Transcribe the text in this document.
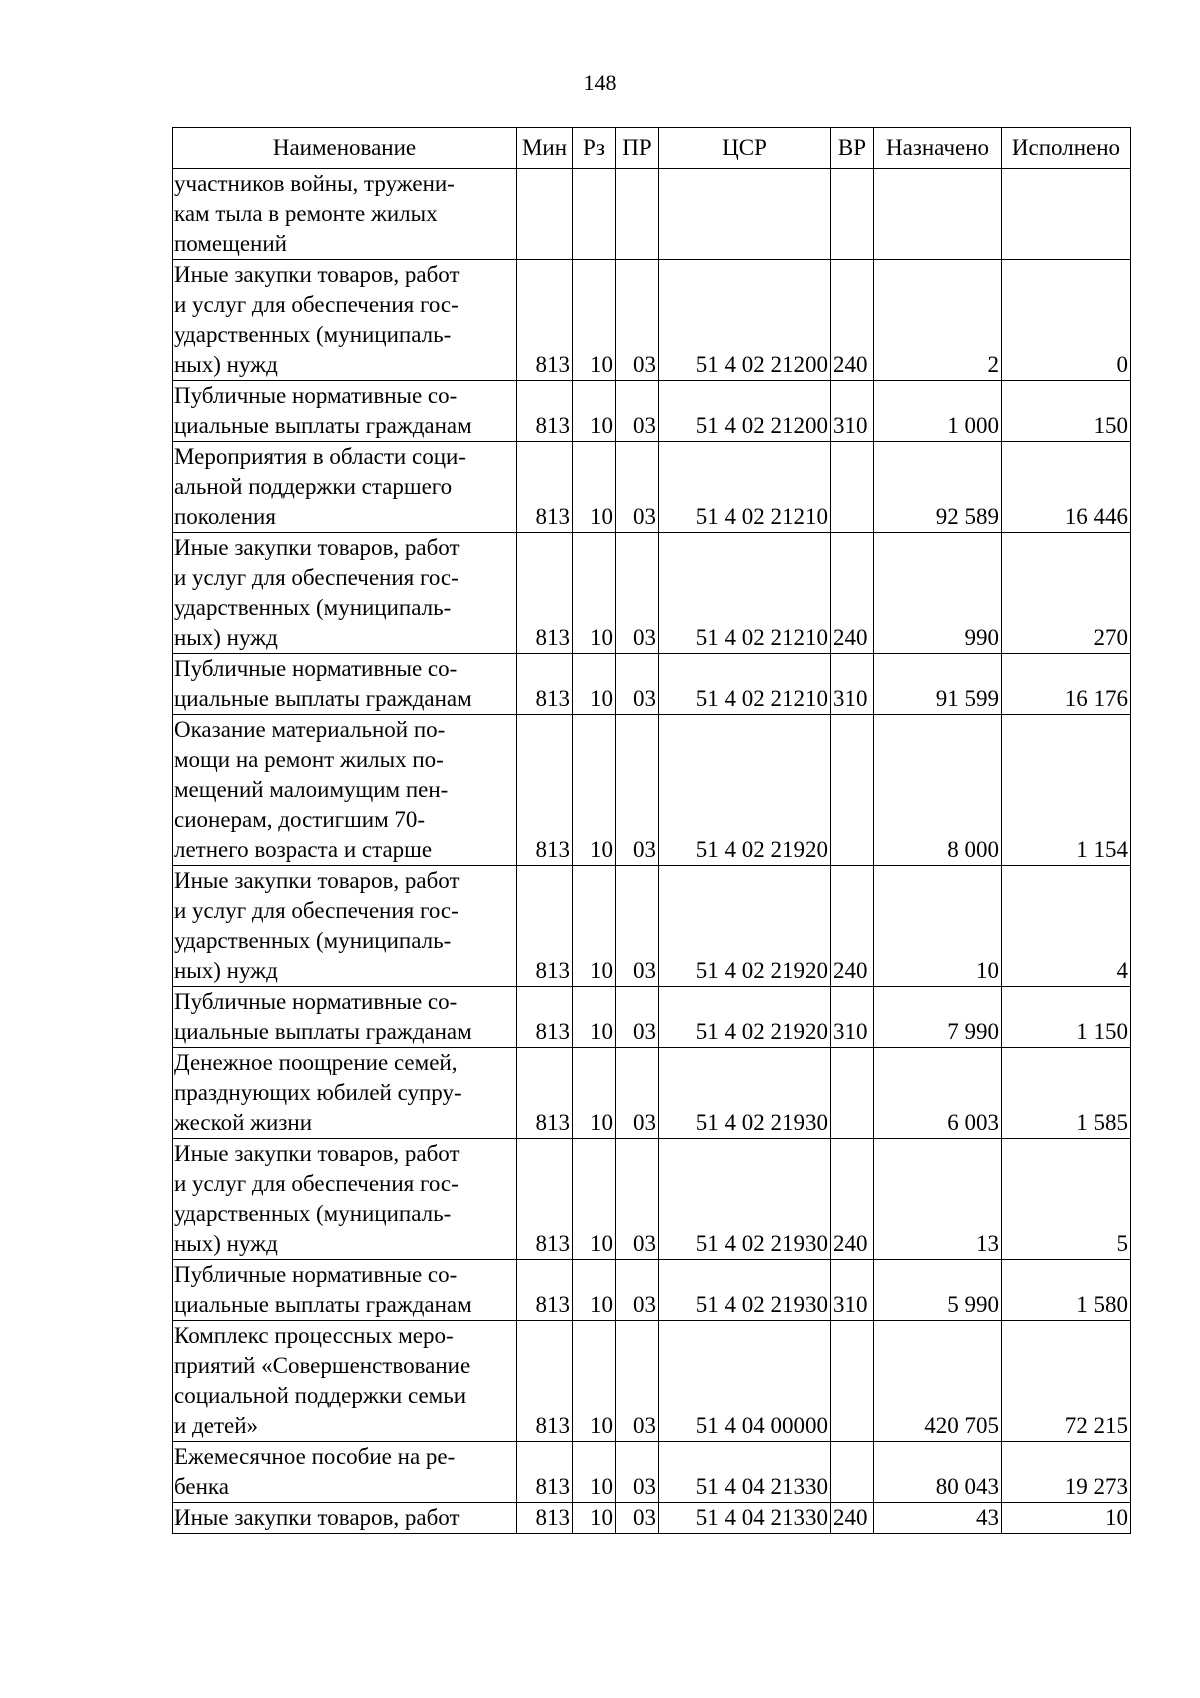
148
Наименование	Мин	Рз	ПР	ЦСР	ВР	Назначено	Исполнено
участников войны, тружени-
кам тыла в ремонте жилых
помещений							
Иные закупки товаров, работ
и услуг для обеспечения гос-
ударственных (муниципаль-
ных) нужд	813	10	03	51 4 02 21200	240	2	0
Публичные нормативные со-
циальные выплаты гражданам	813	10	03	51 4 02 21200	310	1 000	150
Мероприятия в области соци-
альной поддержки старшего
поколения	813	10	03	51 4 02 21210		92 589	16 446
Иные закупки товаров, работ
и услуг для обеспечения гос-
ударственных (муниципаль-
ных) нужд	813	10	03	51 4 02 21210	240	990	270
Публичные нормативные со-
циальные выплаты гражданам	813	10	03	51 4 02 21210	310	91 599	16 176
Оказание материальной по-
мощи на ремонт жилых по-
мещений малоимущим пен-
сионерам, достигшим 70-
летнего возраста и старше	813	10	03	51 4 02 21920		8 000	1 154
Иные закупки товаров, работ
и услуг для обеспечения гос-
ударственных (муниципаль-
ных) нужд	813	10	03	51 4 02 21920	240	10	4
Публичные нормативные со-
циальные выплаты гражданам	813	10	03	51 4 02 21920	310	7 990	1 150
Денежное поощрение семей,
празднующих юбилей супру-
жеской жизни	813	10	03	51 4 02 21930		6 003	1 585
Иные закупки товаров, работ
и услуг для обеспечения гос-
ударственных (муниципаль-
ных) нужд	813	10	03	51 4 02 21930	240	13	5
Публичные нормативные со-
циальные выплаты гражданам	813	10	03	51 4 02 21930	310	5 990	1 580
Комплекс процессных меро-
приятий «Совершенствование
социальной поддержки семьи
и детей»	813	10	03	51 4 04 00000		420 705	72 215
Ежемесячное пособие на ре-
бенка	813	10	03	51 4 04 21330		80 043	19 273
Иные закупки товаров, работ	813	10	03	51 4 04 21330	240	43	10
